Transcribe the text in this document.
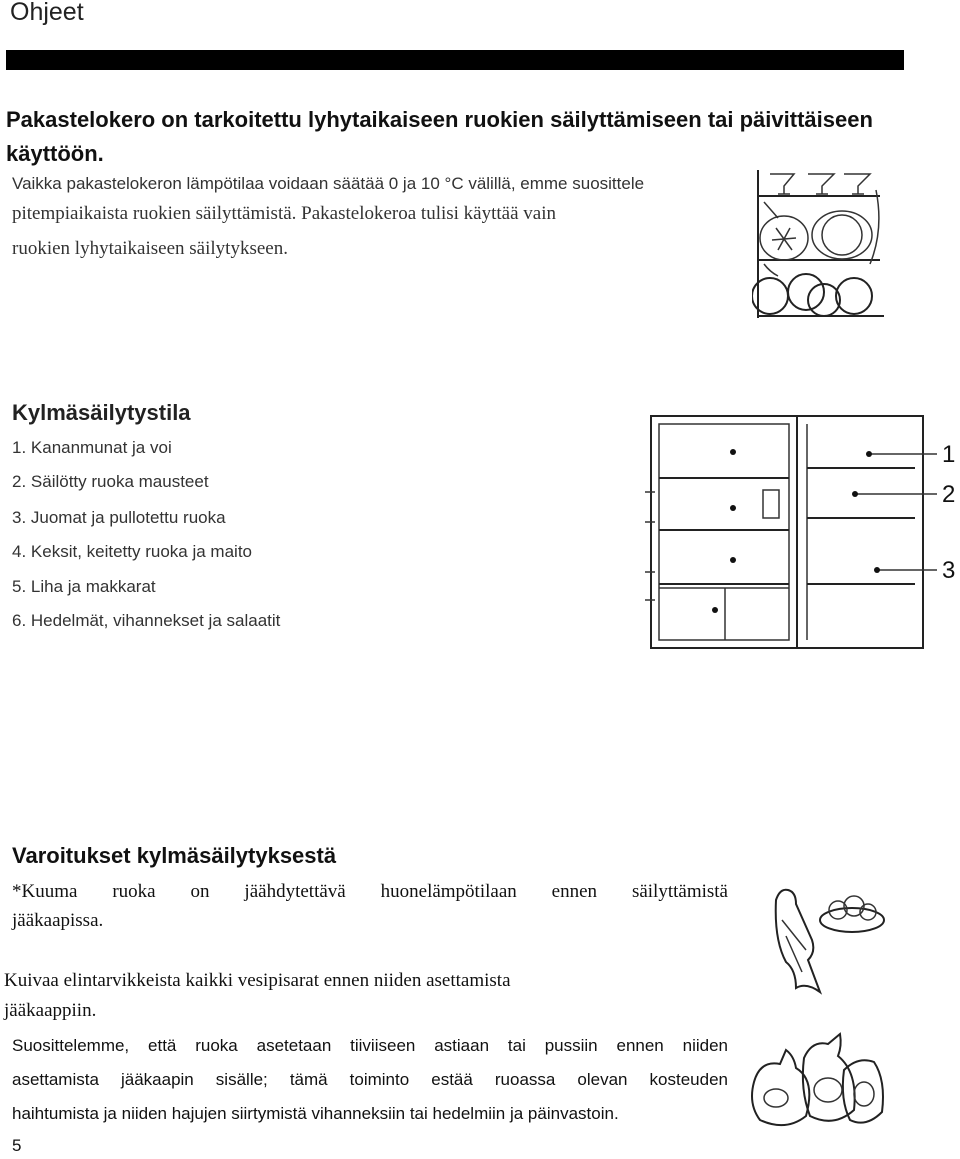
Ohjeet
Pakastelokero on tarkoitettu lyhytaikaiseen ruokien säilyttämiseen tai päivittäiseen käyttöön.
Vaikka pakastelokeron lämpötilaa voidaan säätää 0 ja 10 °C välillä, emme suosittele
pitempiaikaista ruokien säilyttämistä. Pakastelokeroa tulisi käyttää vain
ruokien lyhytaikaiseen säilytykseen.
Kylmäsäilytystila
1. Kananmunat ja voi
2. Säilötty ruoka mausteet
3. Juomat ja pullotettu ruoka
4. Keksit, keitetty ruoka ja maito
5. Liha ja makkarat
6. Hedelmät, vihannekset ja salaatit
1
2
3
Varoitukset kylmäsäilytyksestä
*Kuuma ruoka on jäähdytettävä huonelämpötilaan ennen säilyttämistä
jääkaapissa.
Kuivaa elintarvikkeista kaikki vesipisarat ennen niiden asettamista
jääkaappiin.
Suosittelemme, että ruoka asetetaan tiiviiseen astiaan tai pussiin ennen niiden
asettamista jääkaapin sisälle; tämä toiminto estää ruoassa olevan kosteuden
haihtumista ja niiden hajujen siirtymistä vihanneksiin tai hedelmiin ja päinvastoin.
5
